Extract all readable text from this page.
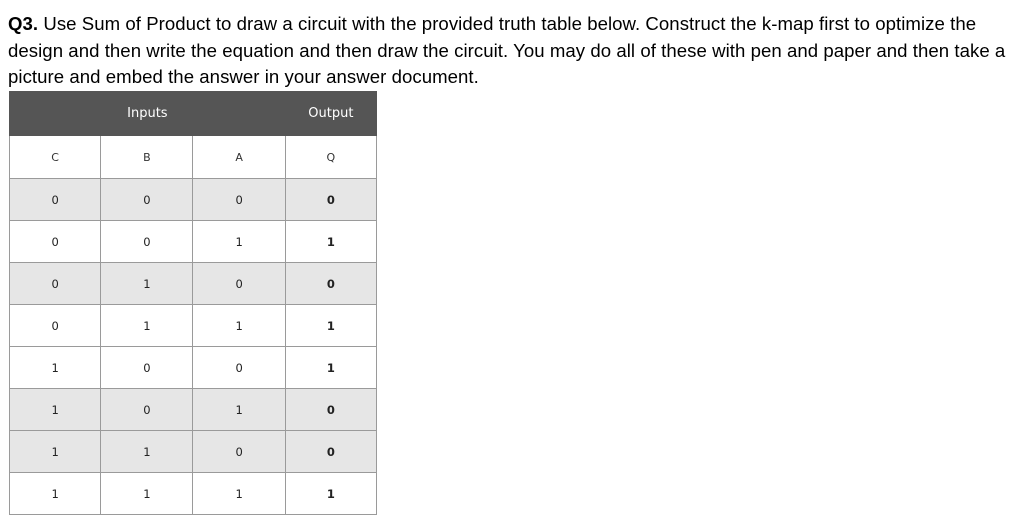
Q3. Use Sum of Product to draw a circuit with the provided truth table below. Construct the k-map first to optimize the design and then write the equation and then draw the circuit. You may do all of these with pen and paper and then take a picture and embed the answer in your answer document.

Inputs			Output
C	B	A	Q
0	0	0	0
0	0	1	1
0	1	0	0
0	1	1	1
1	0	0	1
1	0	1	0
1	1	0	0
1	1	1	1
